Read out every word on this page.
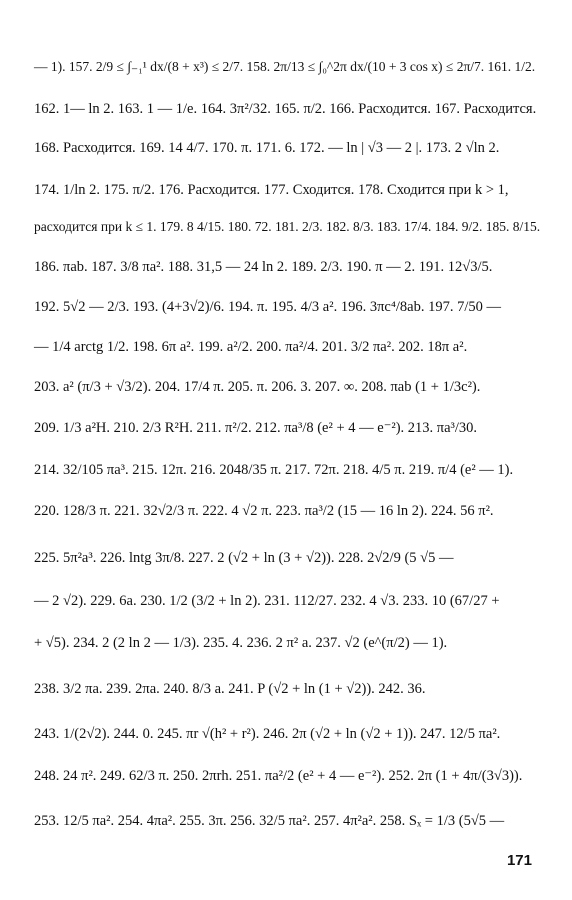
— 1). 157. 2/9 ≤ ∫₋₁¹ dx/(8 + x³) ≤ 2/7. 158. 2π/13 ≤ ∫₀^2π dx/(10 + 3 cos x) ≤ 2π/7. 161. 1/2.
162. 1— ln 2. 163. 1 — 1/e. 164. 3π²/32. 165. π/2. 166. Расходится. 167. Расходится.
168. Расходится. 169. 14 4/7. 170. π. 171. 6. 172. — ln | √3 — 2 |. 173. 2 √ln 2.
174. 1/ln 2. 175. π/2. 176. Расходится. 177. Сходится. 178. Сходится при k > 1,
расходится при k ≤ 1. 179. 8 4/15. 180. 72. 181. 2/3. 182. 8/3. 183. 17/4. 184. 9/2. 185. 8/15.
186. πab. 187. 3/8 πa². 188. 31,5 — 24 ln 2. 189. 2/3. 190. π — 2. 191. 12√3/5.
192. 5√2 — 2/3. 193. (4+3√2)/6. 194. π. 195. 4/3 a². 196. 3πc⁴/8ab. 197. 7/50 —
— 1/4 arctg 1/2. 198. 6π a². 199. a²/2. 200. πa²/4. 201. 3/2 πa². 202. 18π a².
203. a² (π/3 + √3/2). 204. 17/4 π. 205. π. 206. 3. 207. ∞. 208. πab (1 + 1/3c²).
209. 1/3 a²H. 210. 2/3 R²H. 211. π²/2. 212. πa³/8 (e² + 4 — e⁻²). 213. πa³/30.
214. 32/105 πa³. 215. 12π. 216. 2048/35 π. 217. 72π. 218. 4/5 π. 219. π/4 (e² — 1).
220. 128/3 π. 221. 32√2/3 π. 222. 4 √2 π. 223. πa³/2 (15 — 16 ln 2). 224. 56 π².
225. 5π²a³. 226. lntg 3π/8. 227. 2 (√2 + ln (3 + √2)). 228. 2√2/9 (5 √5 —
— 2 √2). 229. 6a. 230. 1/2 (3/2 + ln 2). 231. 112/27. 232. 4 √3. 233. 10 (67/27 +
+ √5). 234. 2 (2 ln 2 — 1/3). 235. 4. 236. 2 π² a. 237. √2 (e^(π/2) — 1).
238. 3/2 πa. 239. 2πa. 240. 8/3 a. 241. P (√2 + ln (1 + √2)). 242. 36.
243. 1/(2√2). 244. 0. 245. πr √(h² + r²). 246. 2π (√2 + ln (√2 + 1)). 247. 12/5 πa².
248. 24 π². 249. 62/3 π. 250. 2πrh. 251. πa²/2 (e² + 4 — e⁻²). 252. 2π (1 + 4π/(3√3)).
253. 12/5 πa². 254. 4πa². 255. 3π. 256. 32/5 πa². 257. 4π²a². 258. Sₓ = 1/3 (5√5 —
171
